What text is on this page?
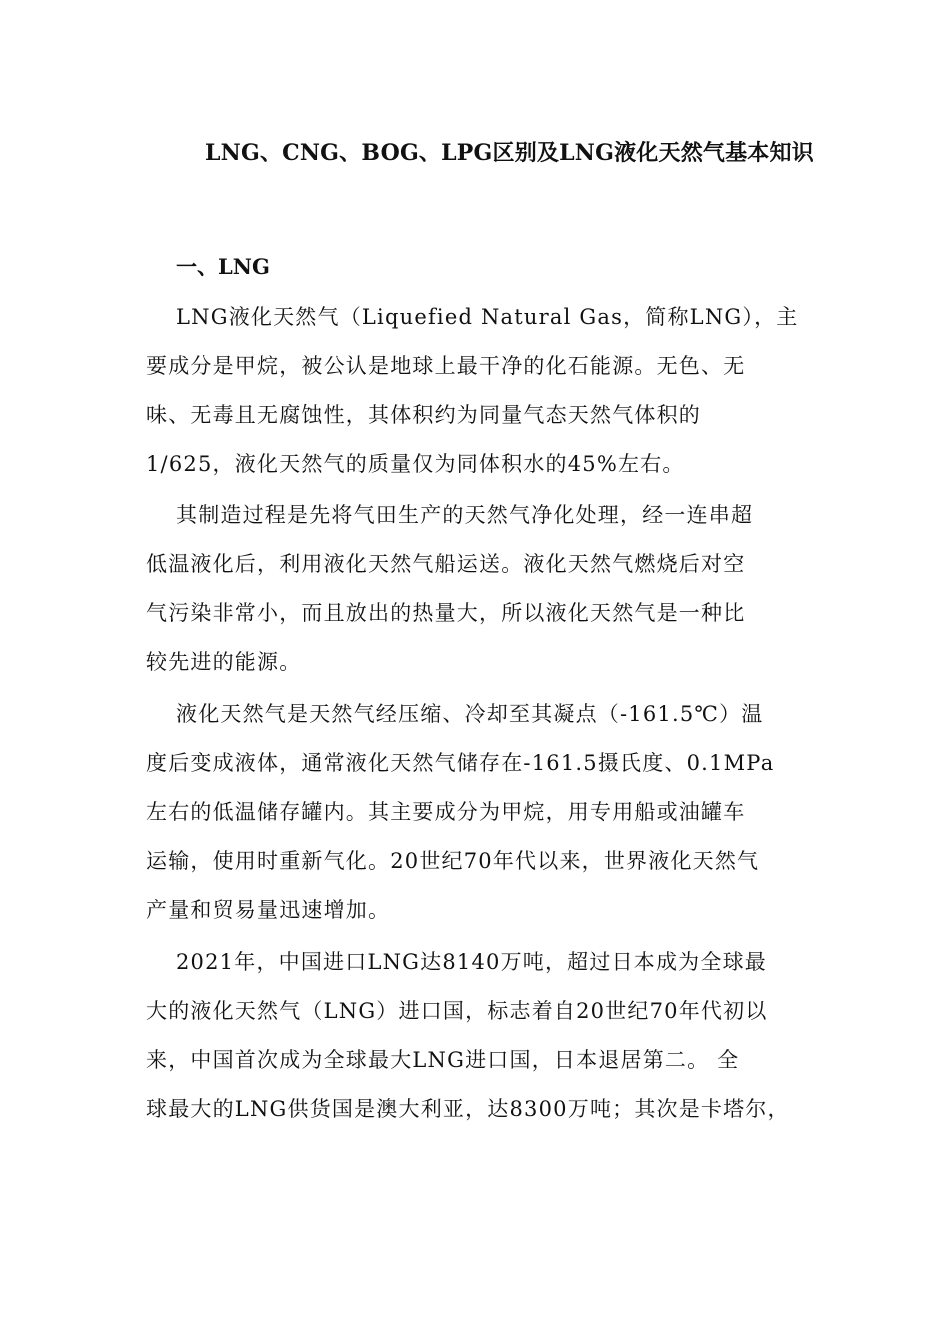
LNG、CNG、BOG、LPG区别及LNG液化天然气基本知识
一、LNG
LNG液化天然气（Liquefied Natural Gas，简称LNG），主
要成分是甲烷，被公认是地球上最干净的化石能源。无色、无
味、无毒且无腐蚀性，其体积约为同量气态天然气体积的
1/625，液化天然气的质量仅为同体积水的45%左右。
其制造过程是先将气田生产的天然气净化处理，经一连串超
低温液化后，利用液化天然气船运送。液化天然气燃烧后对空
气污染非常小，而且放出的热量大，所以液化天然气是一种比
较先进的能源。
液化天然气是天然气经压缩、冷却至其凝点（-161.5℃）温
度后变成液体，通常液化天然气储存在-161.5摄氏度、0.1MPa
左右的低温储存罐内。其主要成分为甲烷，用专用船或油罐车
运输，使用时重新气化。20世纪70年代以来，世界液化天然气
产量和贸易量迅速增加。
2021年，中国进口LNG达8140万吨，超过日本成为全球最
大的液化天然气（LNG）进口国，标志着自20世纪70年代初以
来，中国首次成为全球最大LNG进口国，日本退居第二。 全
球最大的LNG供货国是澳大利亚，达8300万吨；其次是卡塔尔，
